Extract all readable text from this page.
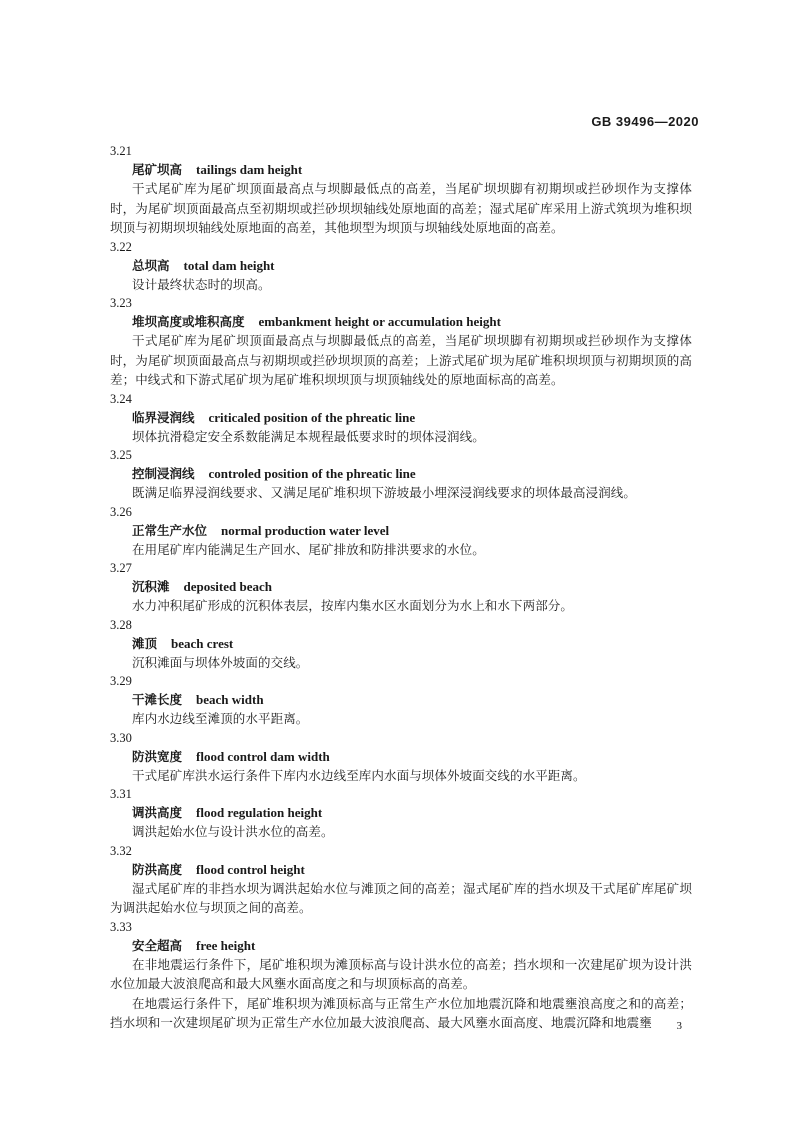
GB 39496—2020
3.21
尾矿坝高 tailings dam height
干式尾矿库为尾矿坝顶面最高点与坝脚最低点的高差，当尾矿坝坝脚有初期坝或拦砂坝作为支撑体时，为尾矿坝顶面最高点至初期坝或拦砂坝坝轴线处原地面的高差；湿式尾矿库采用上游式筑坝为堆积坝坝顶与初期坝坝轴线处原地面的高差，其他坝型为坝顶与坝轴线处原地面的高差。
3.22
总坝高 total dam height
设计最终状态时的坝高。
3.23
堆坝高度或堆积高度 embankment height or accumulation height
干式尾矿库为尾矿坝顶面最高点与坝脚最低点的高差，当尾矿坝坝脚有初期坝或拦砂坝作为支撑体时，为尾矿坝顶面最高点与初期坝或拦砂坝坝顶的高差；上游式尾矿坝为尾矿堆积坝坝顶与初期坝顶的高差；中线式和下游式尾矿坝为尾矿堆积坝坝顶与坝顶轴线处的原地面标高的高差。
3.24
临界浸润线 criticaled position of the phreatic line
坝体抗滑稳定安全系数能满足本规程最低要求时的坝体浸润线。
3.25
控制浸润线 controled position of the phreatic line
既满足临界浸润线要求、又满足尾矿堆积坝下游坡最小埋深浸润线要求的坝体最高浸润线。
3.26
正常生产水位 normal production water level
在用尾矿库内能满足生产回水、尾矿排放和防排洪要求的水位。
3.27
沉积滩 deposited beach
水力冲积尾矿形成的沉积体表层，按库内集水区水面划分为水上和水下两部分。
3.28
滩顶 beach crest
沉积滩面与坝体外坡面的交线。
3.29
干滩长度 beach width
库内水边线至滩顶的水平距离。
3.30
防洪宽度 flood control dam width
干式尾矿库洪水运行条件下库内水边线至库内水面与坝体外坡面交线的水平距离。
3.31
调洪高度 flood regulation height
调洪起始水位与设计洪水位的高差。
3.32
防洪高度 flood control height
湿式尾矿库的非挡水坝为调洪起始水位与滩顶之间的高差；湿式尾矿库的挡水坝及干式尾矿库尾矿坝为调洪起始水位与坝顶之间的高差。
3.33
安全超高 free height
在非地震运行条件下，尾矿堆积坝为滩顶标高与设计洪水位的高差；挡水坝和一次建尾矿坝为设计洪水位加最大波浪爬高和最大风壅水面高度之和与坝顶标高的高差。
在地震运行条件下，尾矿堆积坝为滩顶标高与正常生产水位加地震沉降和地震壅浪高度之和的高差；挡水坝和一次建坝尾矿坝为正常生产水位加最大波浪爬高、最大风壅水面高度、地震沉降和地震壅	3
